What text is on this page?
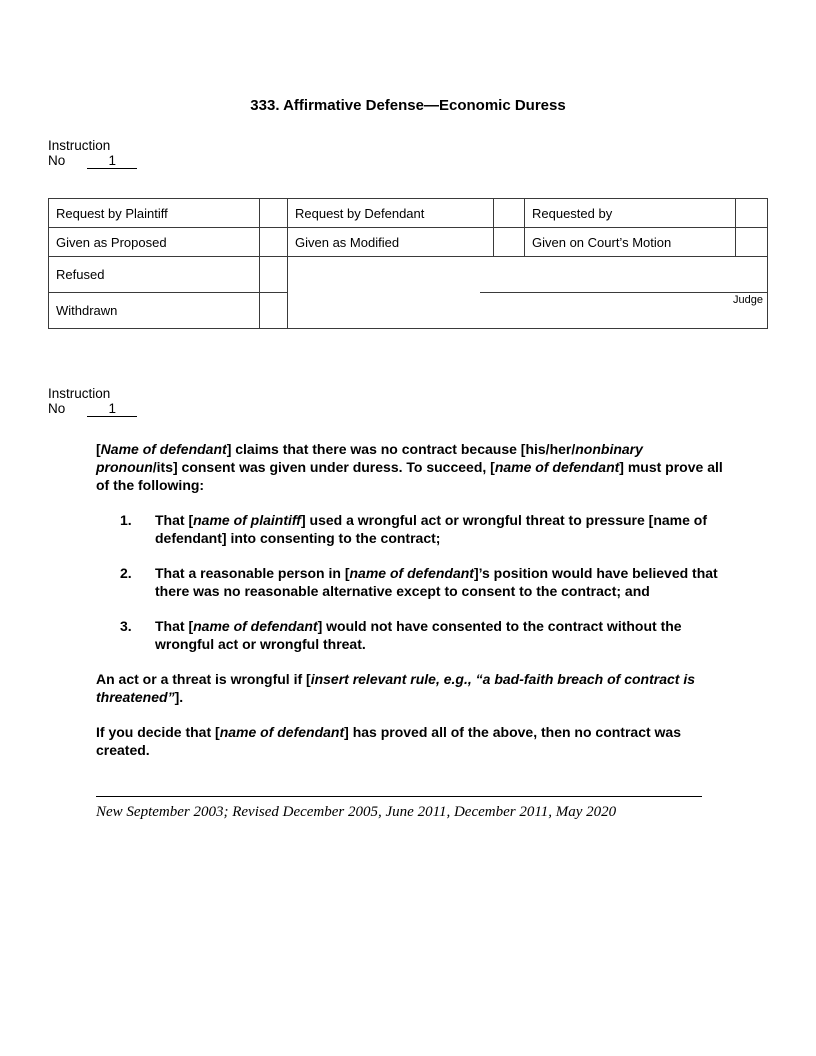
333. Affirmative Defense—Economic Duress
Instruction
No	1
Request by Plaintiff		Request by Defendant		Requested by	
Given as Proposed		Given as Modified		Given on Court’s Motion	
Refused		Judge			

Withdrawn					
Instruction
No	1

[Name of defendant] claims that there was no contract because [his/her/nonbinary pronoun/its] consent was given under duress. To succeed, [name of defendant] must prove all of the following:

1.	That [name of plaintiff] used a wrongful act or wrongful threat to pressure [name of defendant] into consenting to the contract;
2.	That a reasonable person in [name of defendant]’s position would have believed that there was no reasonable alternative except to consent to the contract; and
3.	That [name of defendant] would not have consented to the contract without the wrongful act or wrongful threat.

An act or a threat is wrongful if [insert relevant rule, e.g., “a bad-faith breach of contract is threatened”].

If you decide that [name of defendant] has proved all of the above, then no contract was created.

New September 2003; Revised December 2005, June 2011, December 2011, May 2020
